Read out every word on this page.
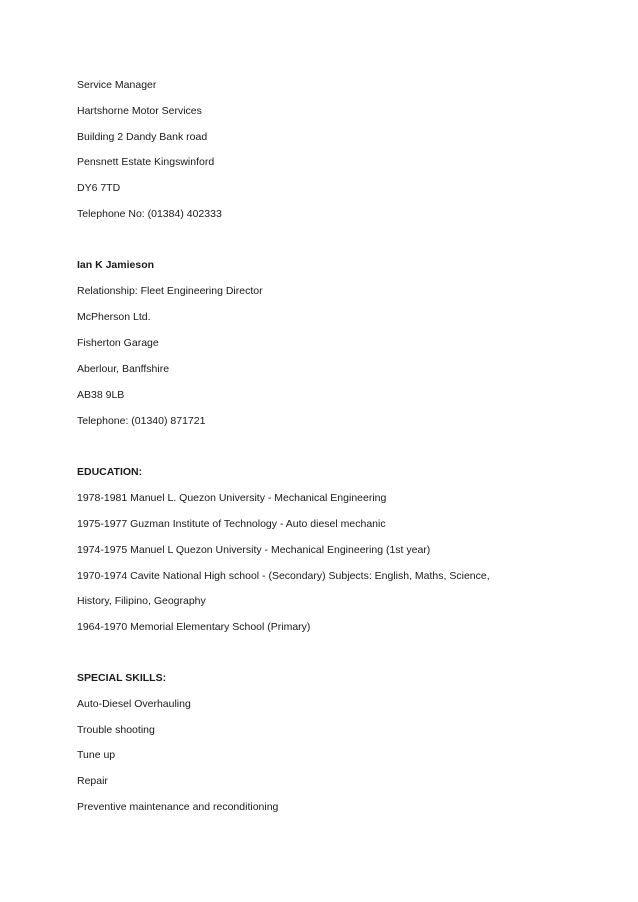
Service Manager
Hartshorne Motor Services
Building 2 Dandy Bank road
Pensnett Estate Kingswinford
DY6 7TD
Telephone No: (01384) 402333
Ian K Jamieson
Relationship: Fleet Engineering Director
McPherson Ltd.
Fisherton Garage
Aberlour, Banffshire
AB38 9LB
Telephone: (01340) 871721
EDUCATION:
1978-1981 Manuel L. Quezon University - Mechanical Engineering
1975-1977 Guzman Institute of Technology - Auto diesel mechanic
1974-1975 Manuel L Quezon University - Mechanical Engineering (1st year)
1970-1974 Cavite National High school - (Secondary) Subjects: English, Maths, Science,
History, Filipino, Geography
1964-1970 Memorial Elementary School (Primary)
SPECIAL SKILLS:
Auto-Diesel Overhauling
Trouble shooting
Tune up
Repair
Preventive maintenance and reconditioning
